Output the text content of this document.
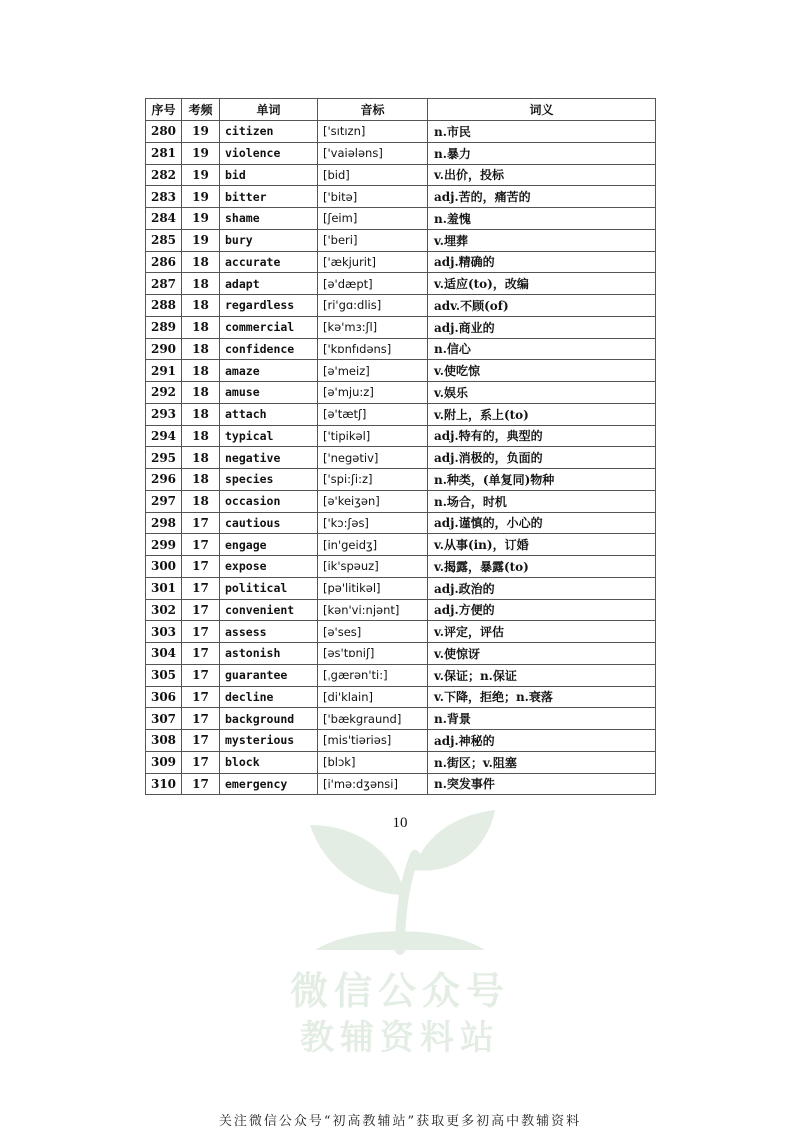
序号	考频	单词	音标	词义
280	19	citizen	['sıtızn]	n.市民
281	19	violence	['vaiələns]	n.暴力
282	19	bid	[bid]	v.出价，投标
283	19	bitter	['bitə]	adj.苦的，痛苦的
284	19	shame	[ʃeim]	n.羞愧
285	19	bury	['beri]	v.埋葬
286	18	accurate	['ækjurit]	adj.精确的
287	18	adapt	[ə'dæpt]	v.适应(to)，改编
288	18	regardless	[ri'gɑ:dlis]	adv.不顾(of)
289	18	commercial	[kə'mɜ:ʃl]	adj.商业的
290	18	confidence	['kɒnfıdəns]	n.信心
291	18	amaze	[ə'meiz]	v.使吃惊
292	18	amuse	[ə'mju:z]	v.娱乐
293	18	attach	[ə'tætʃ]	v.附上，系上(to)
294	18	typical	['tipikəl]	adj.特有的，典型的
295	18	negative	['negətiv]	adj.消极的，负面的
296	18	species	['spi:ʃi:z]	n.种类，(单复同)物种
297	18	occasion	[ə'keiʒən]	n.场合，时机
298	17	cautious	['kɔ:ʃəs]	adj.谨慎的，小心的
299	17	engage	[in'geidʒ]	v.从事(in)，订婚
300	17	expose	[ik'spəuz]	v.揭露，暴露(to)
301	17	political	[pə'litikəl]	adj.政治的
302	17	convenient	[kən'vi:njənt]	adj.方便的
303	17	assess	[ə'ses]	v.评定，评估
304	17	astonish	[əs'tɒniʃ]	v.使惊讶
305	17	guarantee	[ˌgærən'ti:]	v.保证；n.保证
306	17	decline	[di'klain]	v.下降，拒绝；n.衰落
307	17	background	['bækgraund]	n.背景
308	17	mysterious	[mis'tiəriəs]	adj.神秘的
309	17	block	[blɔk]	n.街区；v.阻塞
310	17	emergency	[i'mə:dʒənsi]	n.突发事件
10
微信公众号
教辅资料站
关注微信公众号“初高教辅站”获取更多初高中教辅资料
